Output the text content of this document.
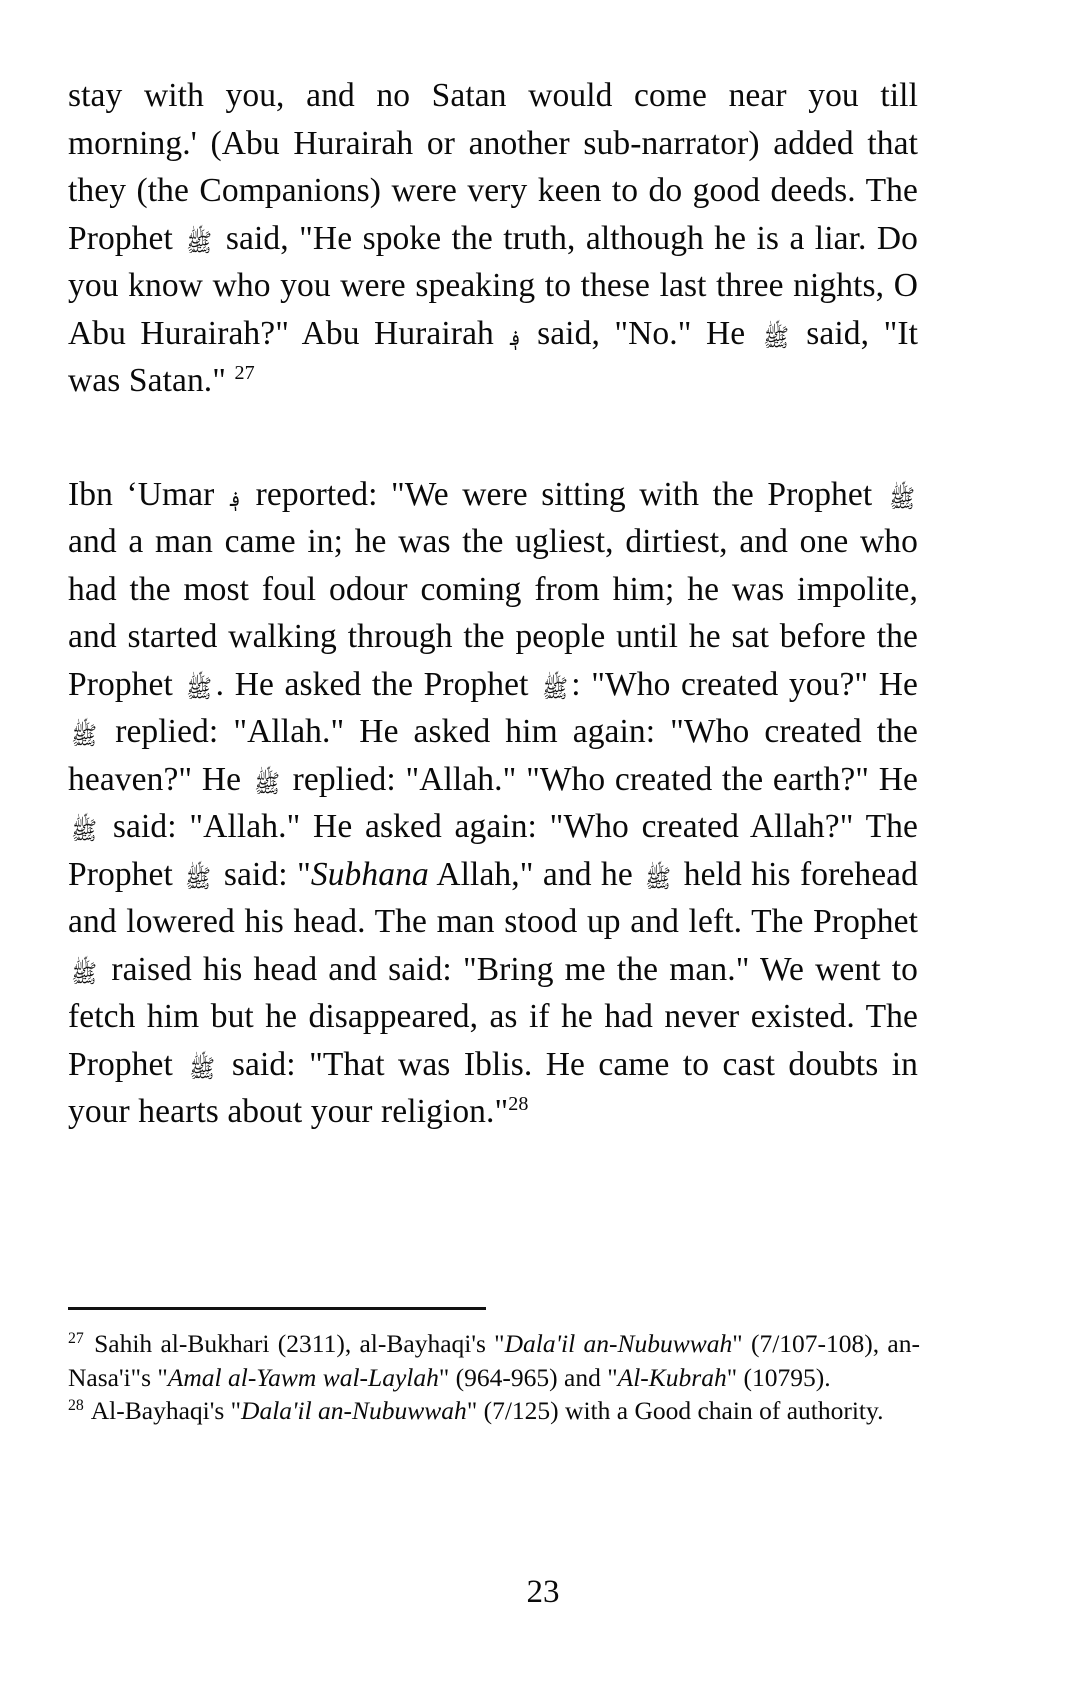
stay with you, and no Satan would come near you till morning.' (Abu Hurairah or another sub-narrator) added that they (the Companions) were very keen to do good deeds. The Prophet ﷺ said, "He spoke the truth, although he is a liar. Do you know who you were speaking to these last three nights, O Abu Hurairah?" Abu Hurairah ؋ said, "No." He ﷺ said, "It was Satan." $^{27}$

Ibn ‘Umar ؋ reported: "We were sitting with the Prophet ﷺ and a man came in; he was the ugliest, dirtiest, and one who had the most foul odour coming from him; he was impolite, and started walking through the people until he sat before the Prophet ﷺ. He asked the Prophet ﷺ: "Who created you?" He ﷺ replied: "Allah." He asked him again: "Who created the heaven?" He ﷺ replied: "Allah." "Who created the earth?" He ﷺ said: "Allah." He asked again: "Who created Allah?" The Prophet ﷺ said: "Subhana Allah," and he ﷺ held his forehead and lowered his head. The man stood up and left. The Prophet ﷺ raised his head and said: "Bring me the man." We went to fetch him but he disappeared, as if he had never existed. The Prophet ﷺ said: "That was Iblis. He came to cast doubts in your hearts about your religion."$^{28}$

$^{27}$ Sahih al-Bukhari (2311), al-Bayhaqi's "Dala'il an-Nubuwwah" (7/107-108), an-Nasa'i"s "Amal al-Yawm wal-Laylah" (964-965) and "Al-Kubrah" (10795).

$^{28}$ Al-Bayhaqi's "Dala'il an-Nubuwwah" (7/125) with a Good chain of authority.

23
